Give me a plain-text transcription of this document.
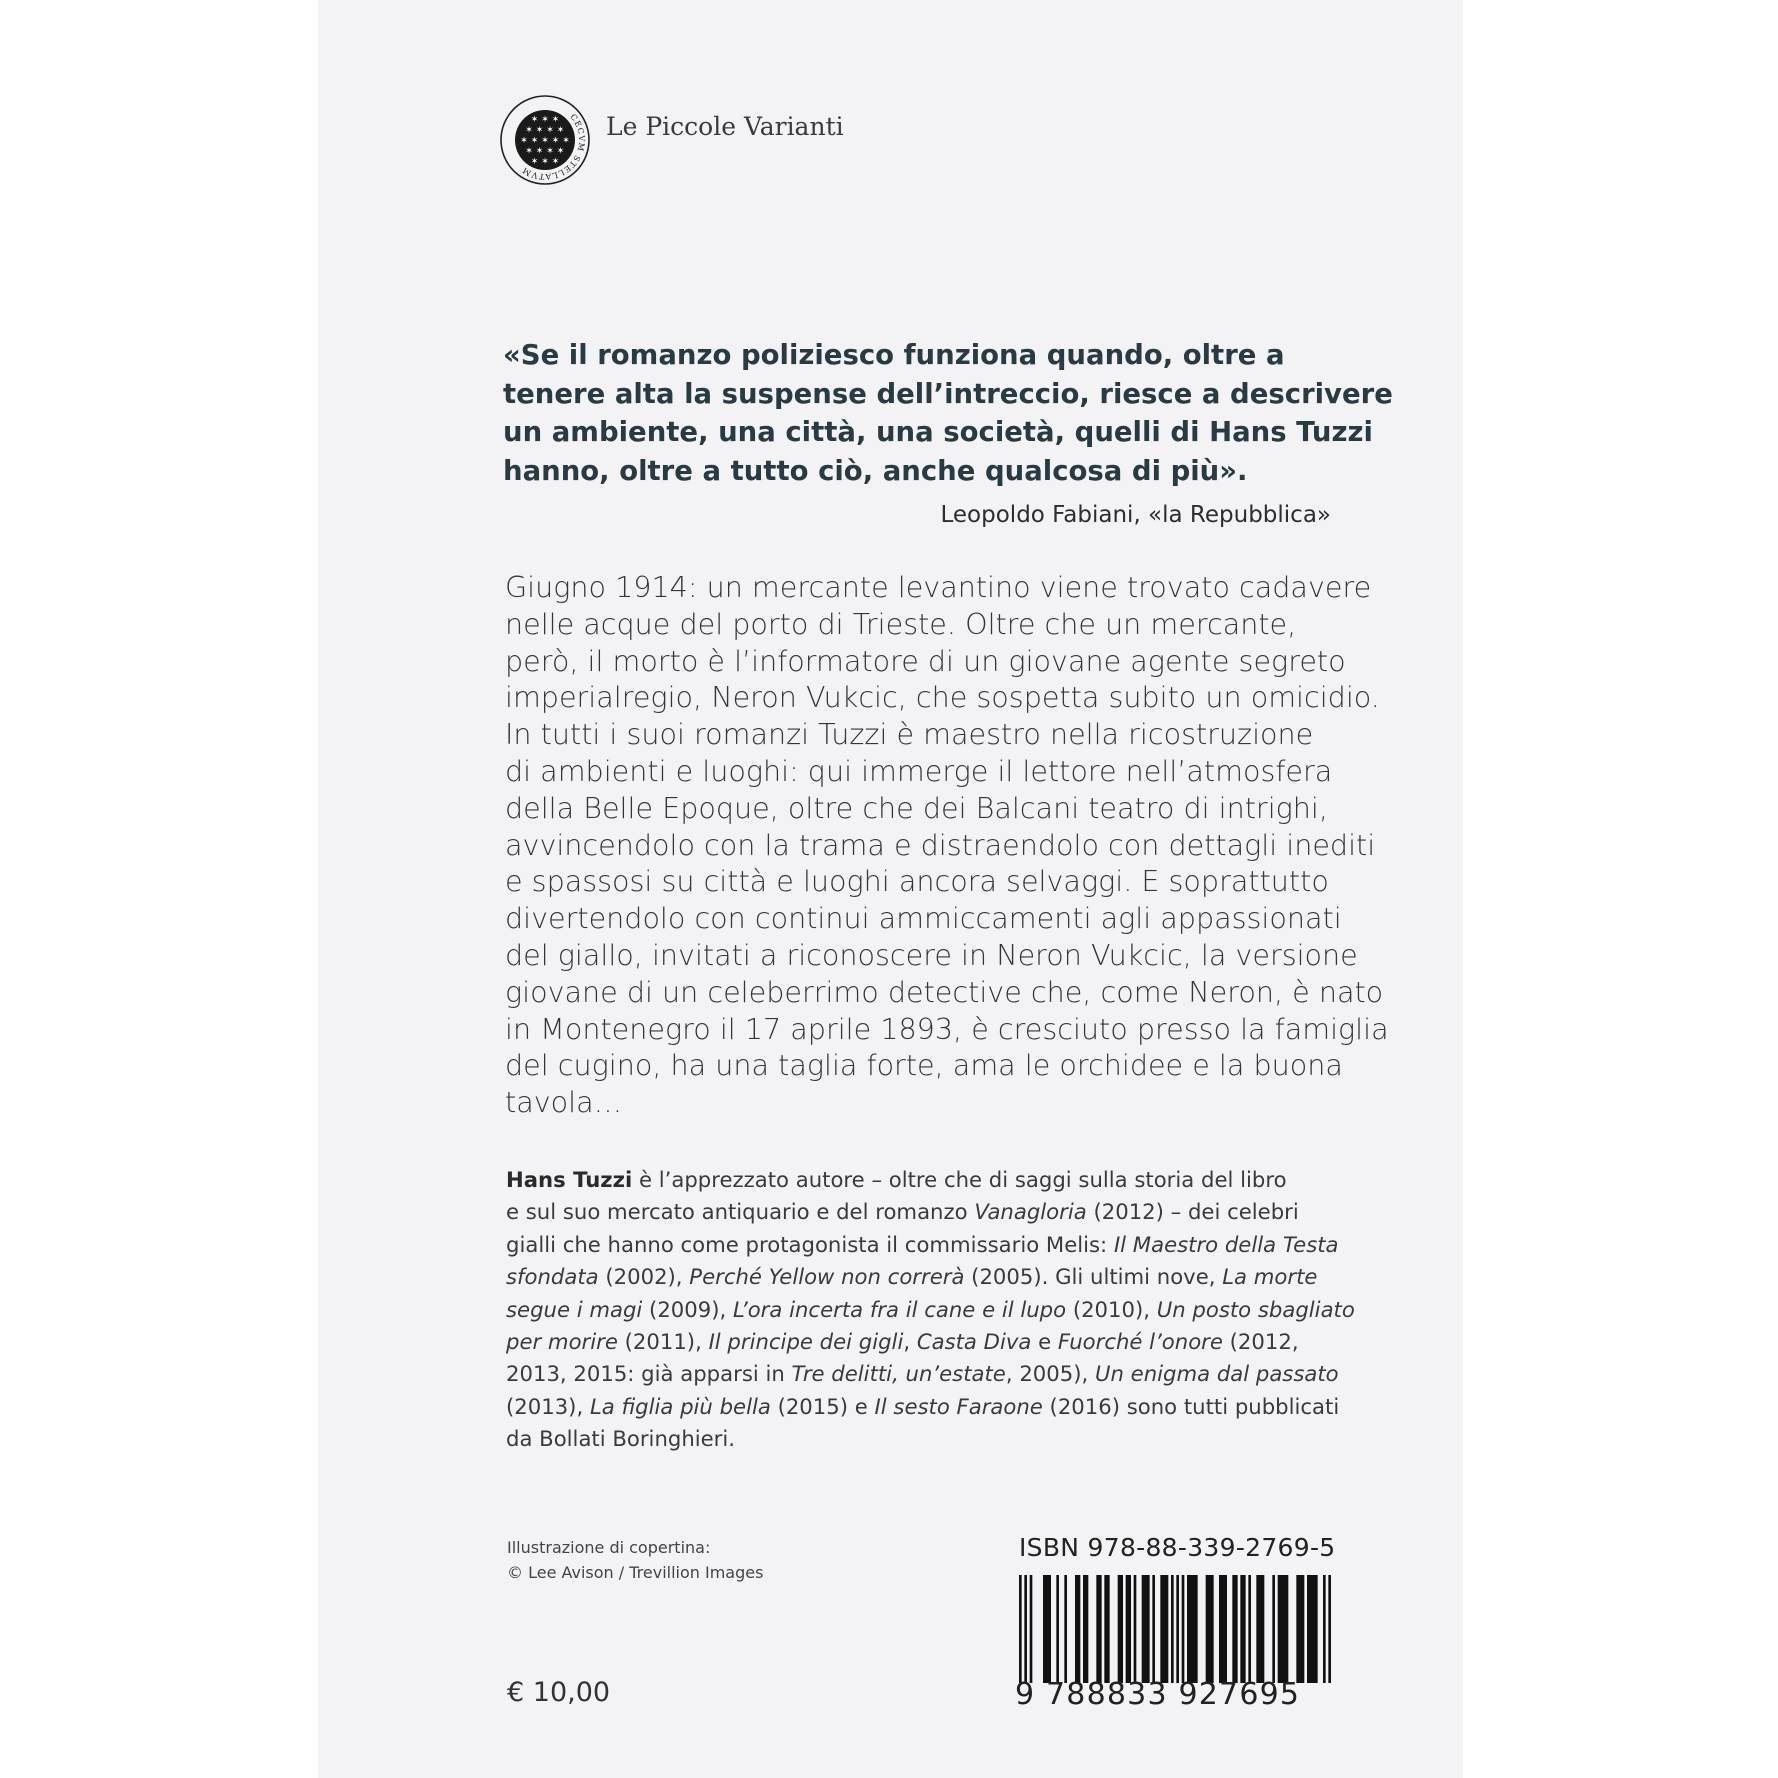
✶ ✶ ✶
✶ ✶ ✶ ✶
✶ ✶ ✶ ✶ ✶
✶ ✶ ✶ ✶
✶ ✶ ✶
CECVM STELLATVM
Le Piccole Varianti

«Se il romanzo poliziesco funziona quando, oltre a
tenere alta la suspense dell’intreccio, riesce a descrivere
un ambiente, una città, una società, quelli di Hans Tuzzi
hanno, oltre a tutto ciò, anche qualcosa di più».

Leopoldo Fabiani, «la Repubblica»

Giugno 1914: un mercante levantino viene trovato cadavere
nelle acque del porto di Trieste. Oltre che un mercante,
però, il morto è l’informatore di un giovane agente segreto
imperialregio, Neron Vukcic, che sospetta subito un omicidio.
In tutti i suoi romanzi Tuzzi è maestro nella ricostruzione
di ambienti e luoghi: qui immerge il lettore nell’atmosfera
della Belle Epoque, oltre che dei Balcani teatro di intrighi,
avvincendolo con la trama e distraendolo con dettagli inediti
e spassosi su città e luoghi ancora selvaggi. E soprattutto
divertendolo con continui ammiccamenti agli appassionati
del giallo, invitati a riconoscere in Neron Vukcic, la versione
giovane di un celeberrimo detective che, come Neron, è nato
in Montenegro il 17 aprile 1893, è cresciuto presso la famiglia
del cugino, ha una taglia forte, ama le orchidee e la buona
tavola…

Hans Tuzzi è l’apprezzato autore – oltre che di saggi sulla storia del libro
e sul suo mercato antiquario e del romanzo Vanagloria (2012) – dei celebri
gialli che hanno come protagonista il commissario Melis: Il Maestro della Testa
sfondata (2002), Perché Yellow non correrà (2005). Gli ultimi nove, La morte
segue i magi (2009), L’ora incerta fra il cane e il lupo (2010), Un posto sbagliato
per morire (2011), Il principe dei gigli, Casta Diva e Fuorché l’onore (2012,
2013, 2015: già apparsi in Tre delitti, un’estate, 2005), Un enigma dal passato
(2013), La figlia più bella (2015) e Il sesto Faraone (2016) sono tutti pubblicati
da Bollati Boringhieri.

Illustrazione di copertina:
© Lee Avison / Trevillion Images
ISBN 978-88-339-2769-5
9 788833 927695
€ 10,00
